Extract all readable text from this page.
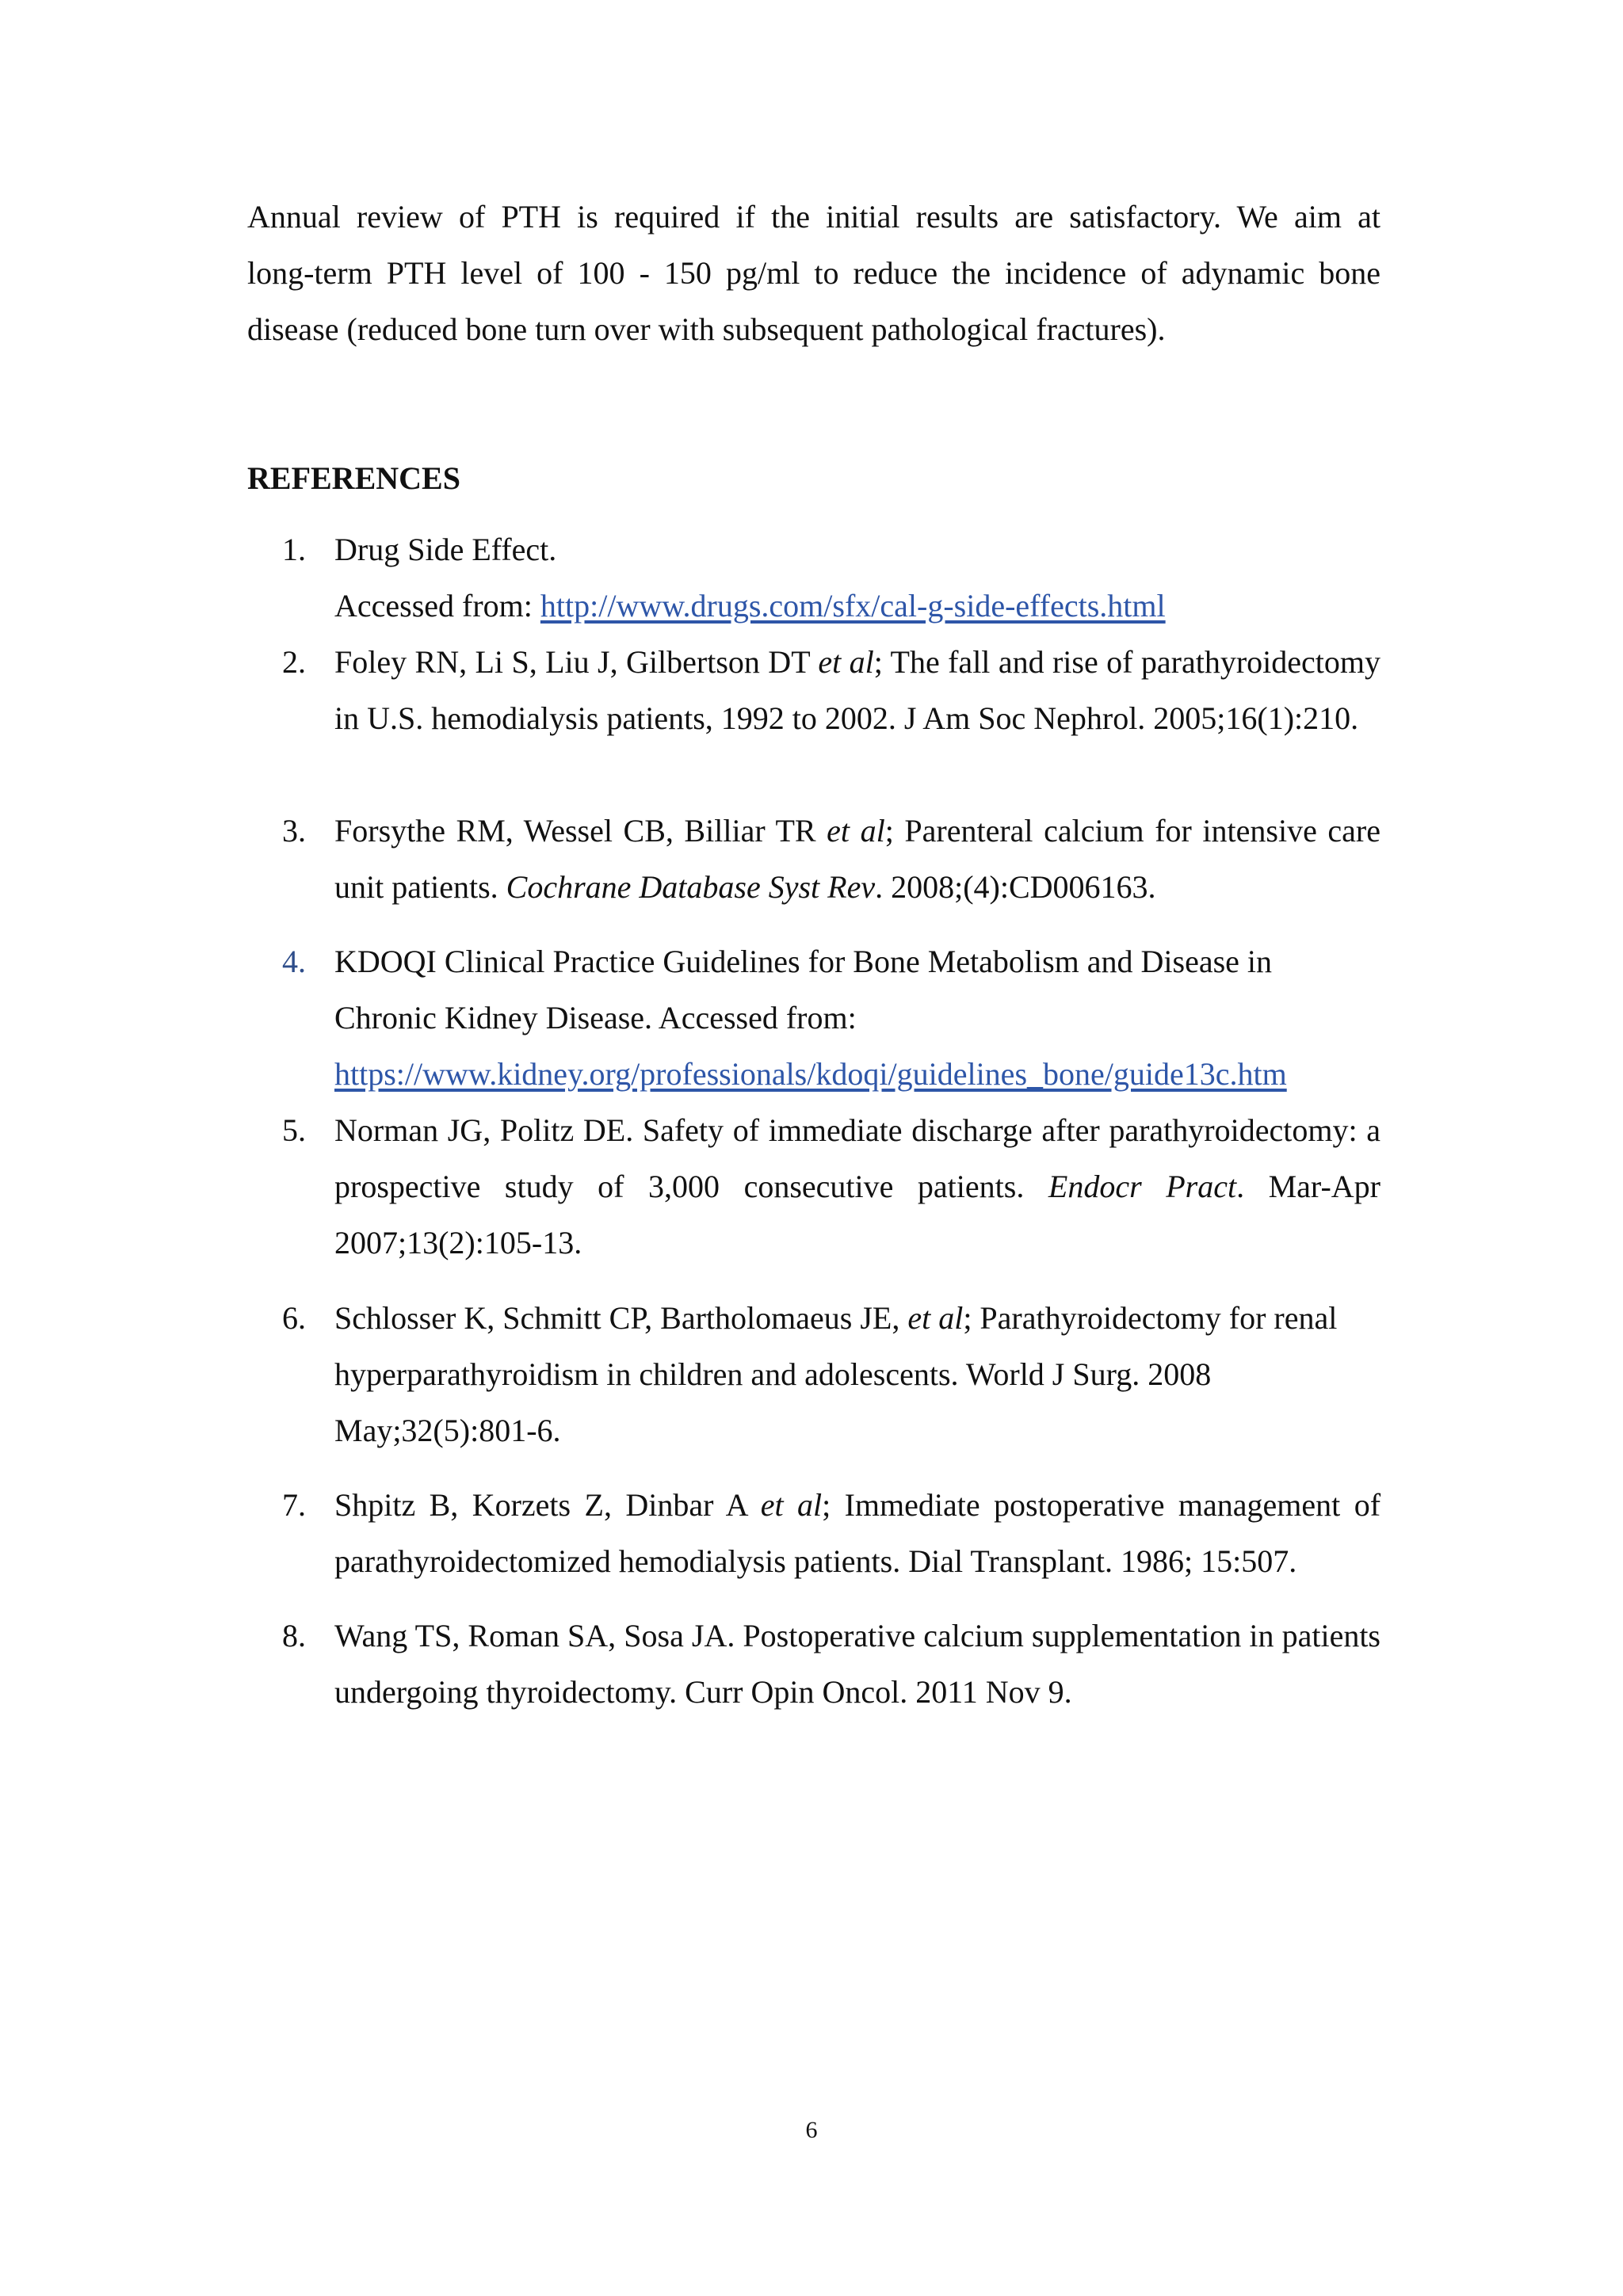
Annual review of PTH is required if the initial results are satisfactory. We aim at
long-term PTH level of 100 - 150 pg/ml to reduce the incidence of adynamic bone
disease (reduced bone turn over with subsequent pathological fractures).

REFERENCES
1. Drug Side Effect.
Accessed from: http://www.drugs.com/sfx/cal-g-side-effects.html
2. Foley RN, Li S, Liu J, Gilbertson DT et al; The fall and rise of parathyroidectomy in U.S. hemodialysis patients, 1992 to 2002. J Am Soc Nephrol. 2005;16(1):210.
3. Forsythe RM, Wessel CB, Billiar TR et al; Parenteral calcium for intensive care unit patients. Cochrane Database Syst Rev. 2008;(4):CD006163.
4. KDOQI Clinical Practice Guidelines for Bone Metabolism and Disease in
Chronic Kidney Disease. Accessed from:
https://www.kidney.org/professionals/kdoqi/guidelines_bone/guide13c.htm
5. Norman JG, Politz DE. Safety of immediate discharge after parathyroidectomy: a prospective study of 3,000 consecutive patients. Endocr Pract. Mar-Apr 2007;13(2):105-13.
6. Schlosser K, Schmitt CP, Bartholomaeus JE, et al; Parathyroidectomy for renal hyperparathyroidism in children and adolescents. World J Surg. 2008 May;32(5):801-6.
7. Shpitz B, Korzets Z, Dinbar A et al; Immediate postoperative management of parathyroidectomized hemodialysis patients. Dial Transplant. 1986; 15:507.
8. Wang TS, Roman SA, Sosa JA. Postoperative calcium supplementation in patients undergoing thyroidectomy. Curr Opin Oncol. 2011 Nov 9.
6
